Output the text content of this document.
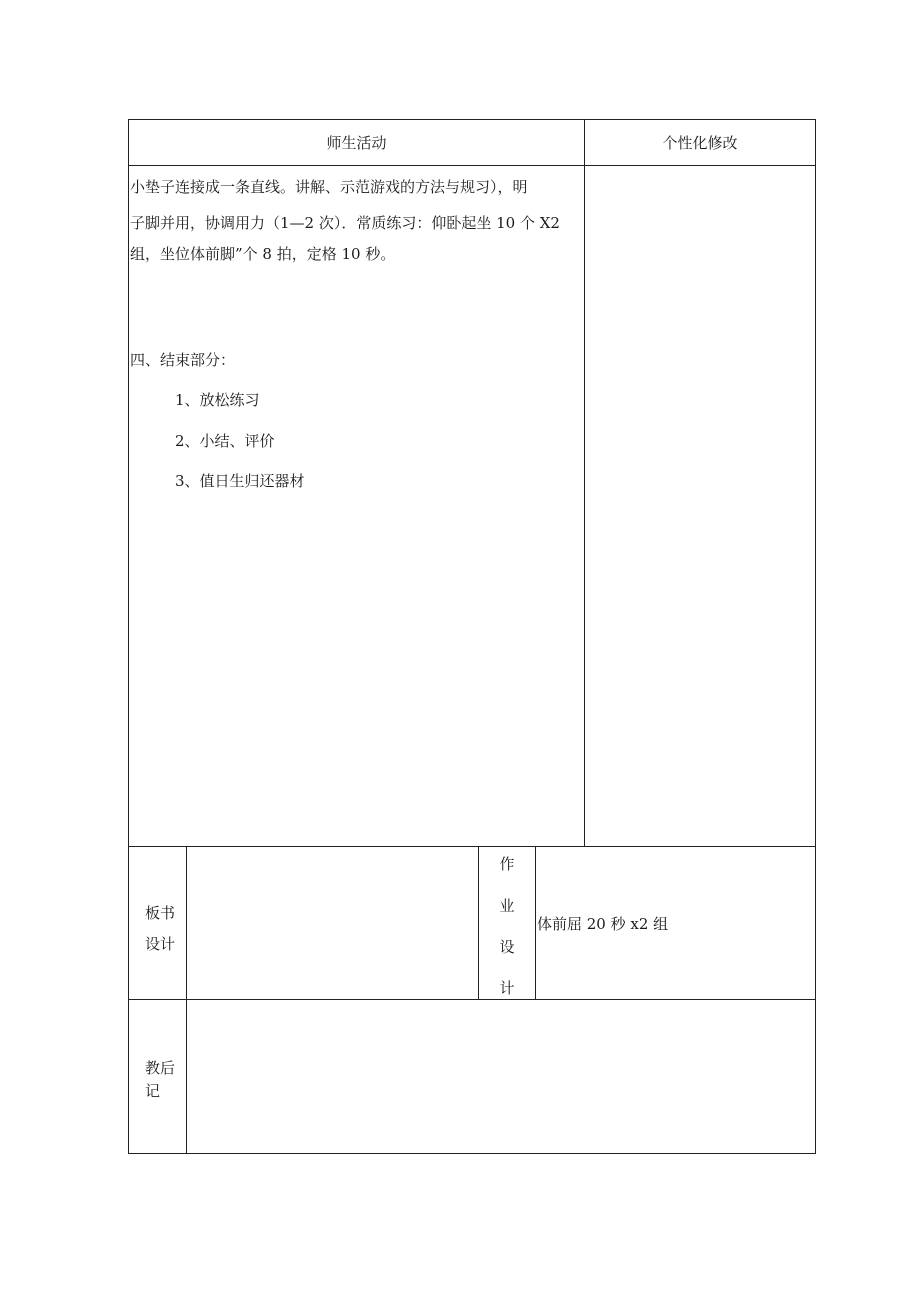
师生活动	个性化修改
小垫子连接成一条直线。讲解、示范游戏的方法与规习），明
子脚并用，协调用力（1—2 次）．常质练习：仰卧起坐 10 个 X2
组，坐位体前脚”个 8 拍，定格 10 秒。
四、结束部分：
1、放松练习
2、小结、评价
3、值日生归还器材
板书
设计
作
业
设
计
体前屈 20 秒 x2 组
教后
记
